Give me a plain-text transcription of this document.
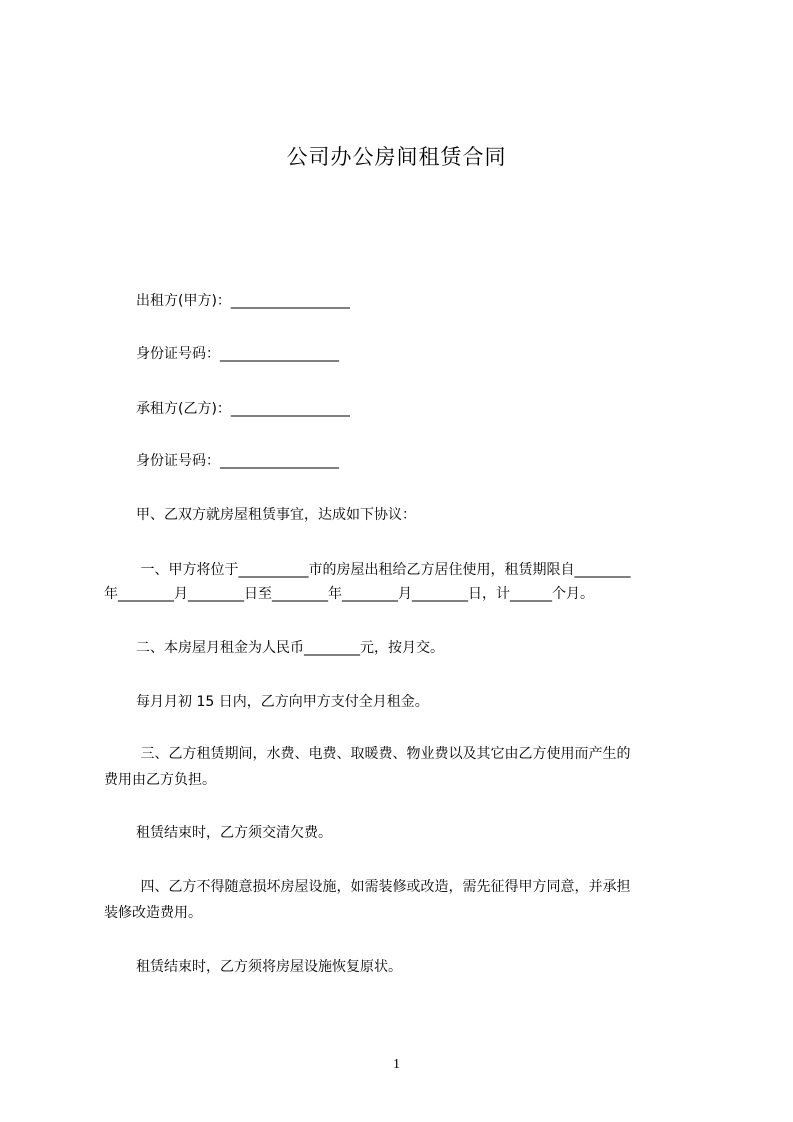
公司办公房间租赁合同
出租方(甲方)：_________________
身份证号码：_________________
承租方(乙方)：_________________
身份证号码：_________________
甲、乙双方就房屋租赁事宜，达成如下协议：
一、甲方将位于__________市的房屋出租给乙方居住使用，租赁期限自________
年________月________日至________年________月________日，计______个月。
二、本房屋月租金为人民币________元，按月交。
每月月初 15 日内，乙方向甲方支付全月租金。
三、乙方租赁期间，水费、电费、取暖费、物业费以及其它由乙方使用而产生的
费用由乙方负担。
租赁结束时，乙方须交清欠费。
四、乙方不得随意损坏房屋设施，如需装修或改造，需先征得甲方同意，并承担
装修改造费用。
租赁结束时，乙方须将房屋设施恢复原状。
1
